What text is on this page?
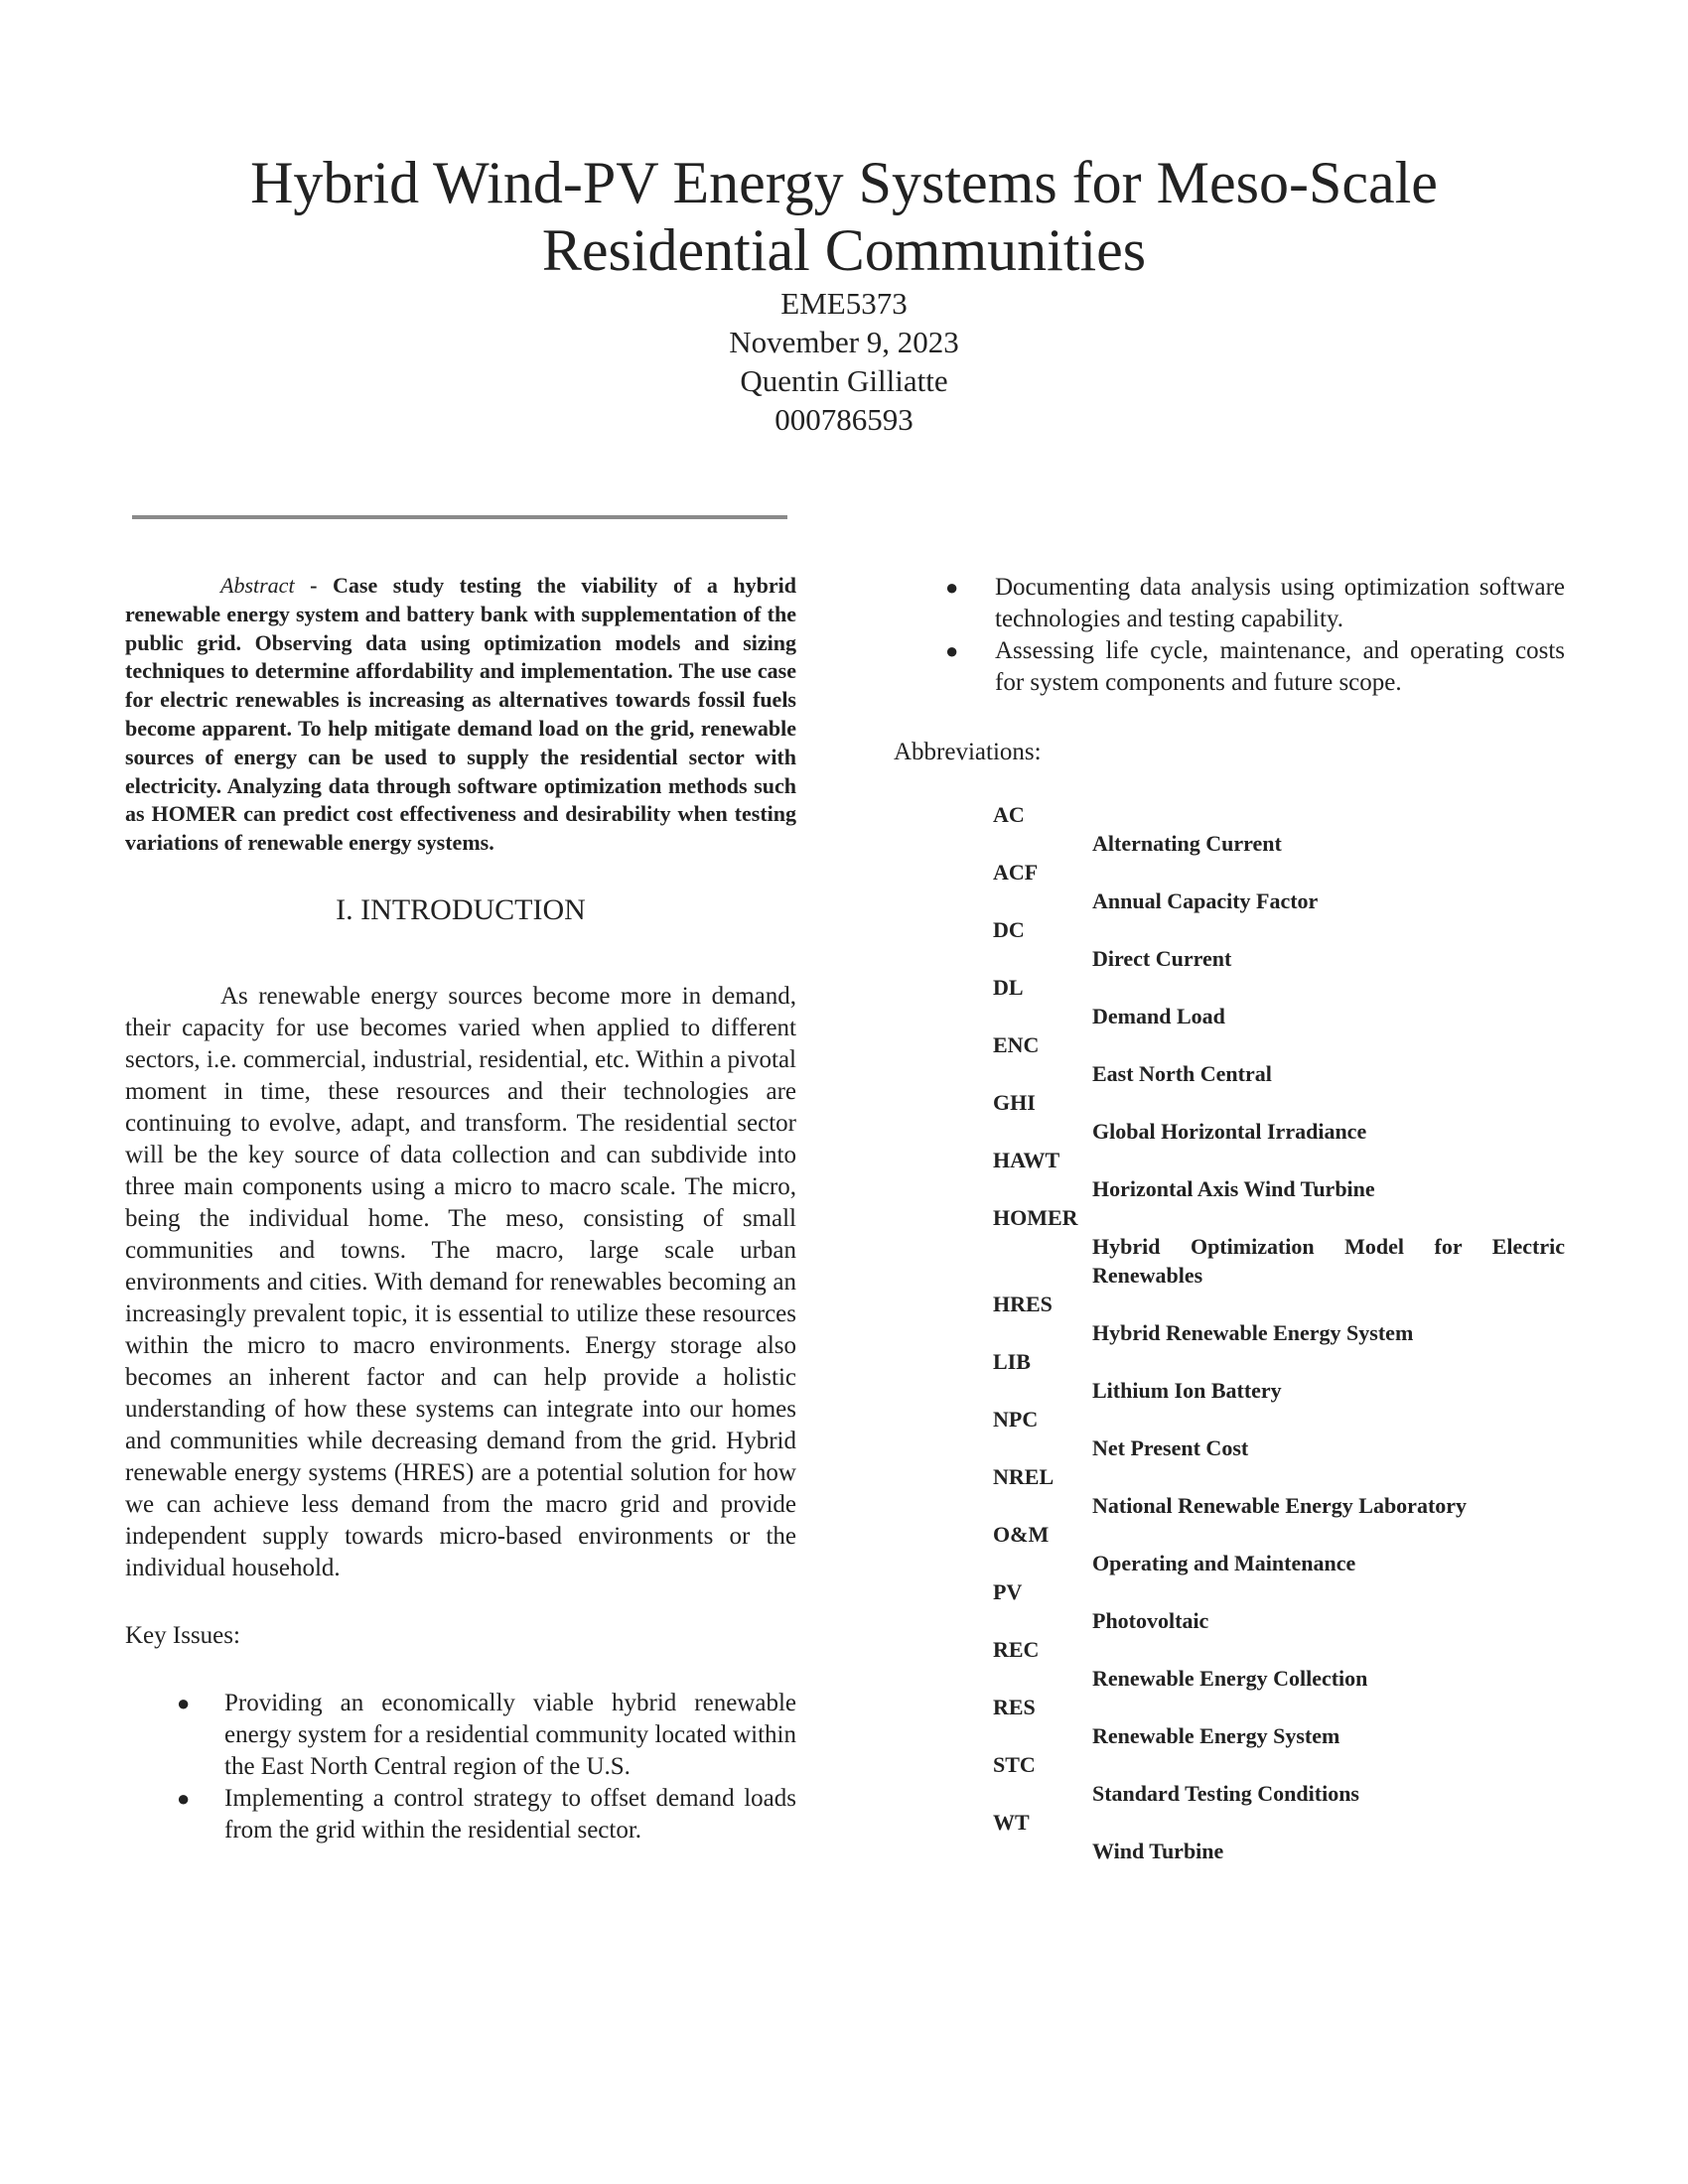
Hybrid Wind-PV Energy Systems for Meso-Scale
Residential Communities
EME5373
November 9, 2023
Quentin Gilliatte
000786593

Abstract - Case study testing the viability of a hybrid renewable energy system and battery bank with supplementation of the public grid. Observing data using optimization models and sizing techniques to determine affordability and implementation. The use case for electric renewables is increasing as alternatives towards fossil fuels become apparent. To help mitigate demand load on the grid, renewable sources of energy can be used to supply the residential sector with electricity. Analyzing data through software optimization methods such as HOMER can predict cost effectiveness and desirability when testing variations of renewable energy systems.

I. INTRODUCTION

As renewable energy sources become more in demand, their capacity for use becomes varied when applied to different sectors, i.e. commercial, industrial, residential, etc. Within a pivotal moment in time, these resources and their technologies are continuing to evolve, adapt, and transform. The residential sector will be the key source of data collection and can subdivide into three main components using a micro to macro scale. The micro, being the individual home. The meso, consisting of small communities and towns. The macro, large scale urban environments and cities. With demand for renewables becoming an increasingly prevalent topic, it is essential to utilize these resources within the micro to macro environments. Energy storage also becomes an inherent factor and can help provide a holistic understanding of how these systems can integrate into our homes and communities while decreasing demand from the grid. Hybrid renewable energy systems (HRES) are a potential solution for how we can achieve less demand from the macro grid and provide independent supply towards micro-based environments or the individual household.

Key Issues:
● Providing an economically viable hybrid renewable energy system for a residential community located within the East North Central region of the U.S.
● Implementing a control strategy to offset demand loads from the grid within the residential sector.
● Documenting data analysis using optimization software technologies and testing capability.
● Assessing life cycle, maintenance, and operating costs for system components and future scope.
Abbreviations:
AC
Alternating Current
ACF
Annual Capacity Factor
DC
Direct Current
DL
Demand Load
ENC
East North Central
GHI
Global Horizontal Irradiance
HAWT
Horizontal Axis Wind Turbine
HOMER
Hybrid Optimization Model for Electric Renewables
HRES
Hybrid Renewable Energy System
LIB
Lithium Ion Battery
NPC
Net Present Cost
NREL
National Renewable Energy Laboratory
O&M
Operating and Maintenance
PV
Photovoltaic
REC
Renewable Energy Collection
RES
Renewable Energy System
STC
Standard Testing Conditions
WT
Wind Turbine
